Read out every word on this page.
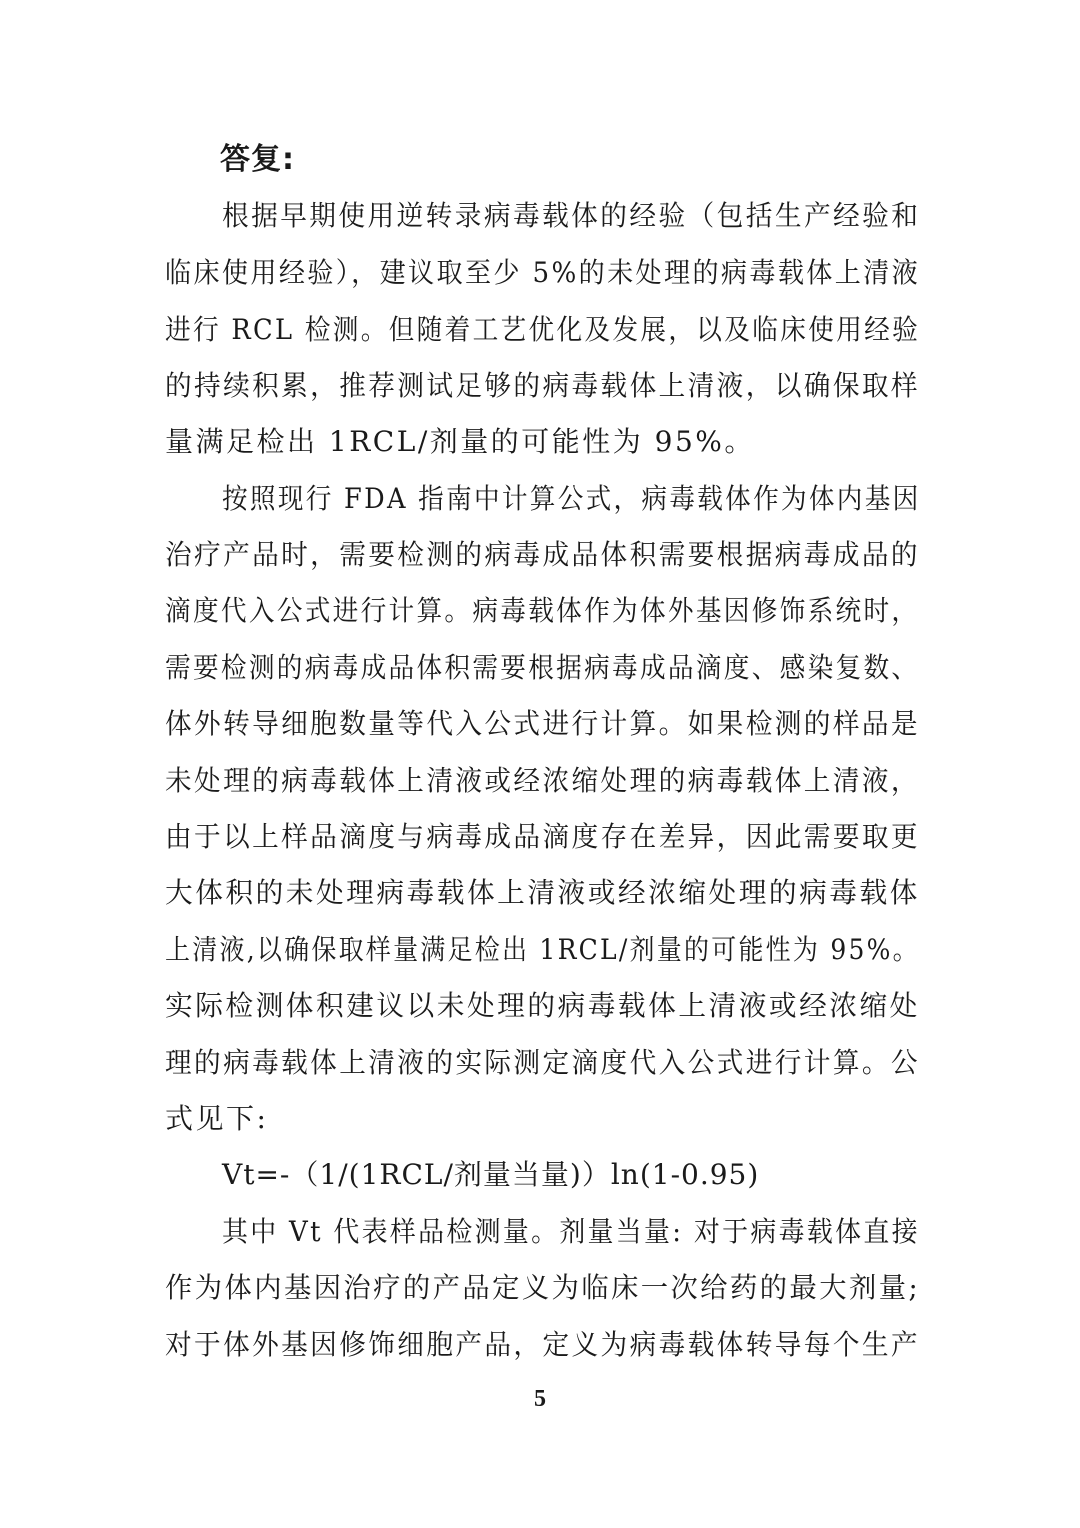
答复:
根据早期使用逆转录病毒载体的经验（包括生产经验和
临床使用经验），建议取至少 5%的未处理的病毒载体上清液
进行 RCL 检测。但随着工艺优化及发展，以及临床使用经验
的持续积累，推荐测试足够的病毒载体上清液，以确保取样
量满足检出 1RCL/剂量的可能性为 95%。
按照现行 FDA 指南中计算公式，病毒载体作为体内基因
治疗产品时，需要检测的病毒成品体积需要根据病毒成品的
滴度代入公式进行计算。病毒载体作为体外基因修饰系统时，
需要检测的病毒成品体积需要根据病毒成品滴度、感染复数、
体外转导细胞数量等代入公式进行计算。如果检测的样品是
未处理的病毒载体上清液或经浓缩处理的病毒载体上清液，
由于以上样品滴度与病毒成品滴度存在差异，因此需要取更
大体积的未处理病毒载体上清液或经浓缩处理的病毒载体
上清液,以确保取样量满足检出 1RCL/剂量的可能性为 95%。
实际检测体积建议以未处理的病毒载体上清液或经浓缩处
理的病毒载体上清液的实际测定滴度代入公式进行计算。公
式见下:
Vt=-（1/(1RCL/剂量当量)）ln(1-0.95)
其中 Vt 代表样品检测量。剂量当量: 对于病毒载体直接
作为体内基因治疗的产品定义为临床一次给药的最大剂量;
对于体外基因修饰细胞产品，定义为病毒载体转导每个生产
5
